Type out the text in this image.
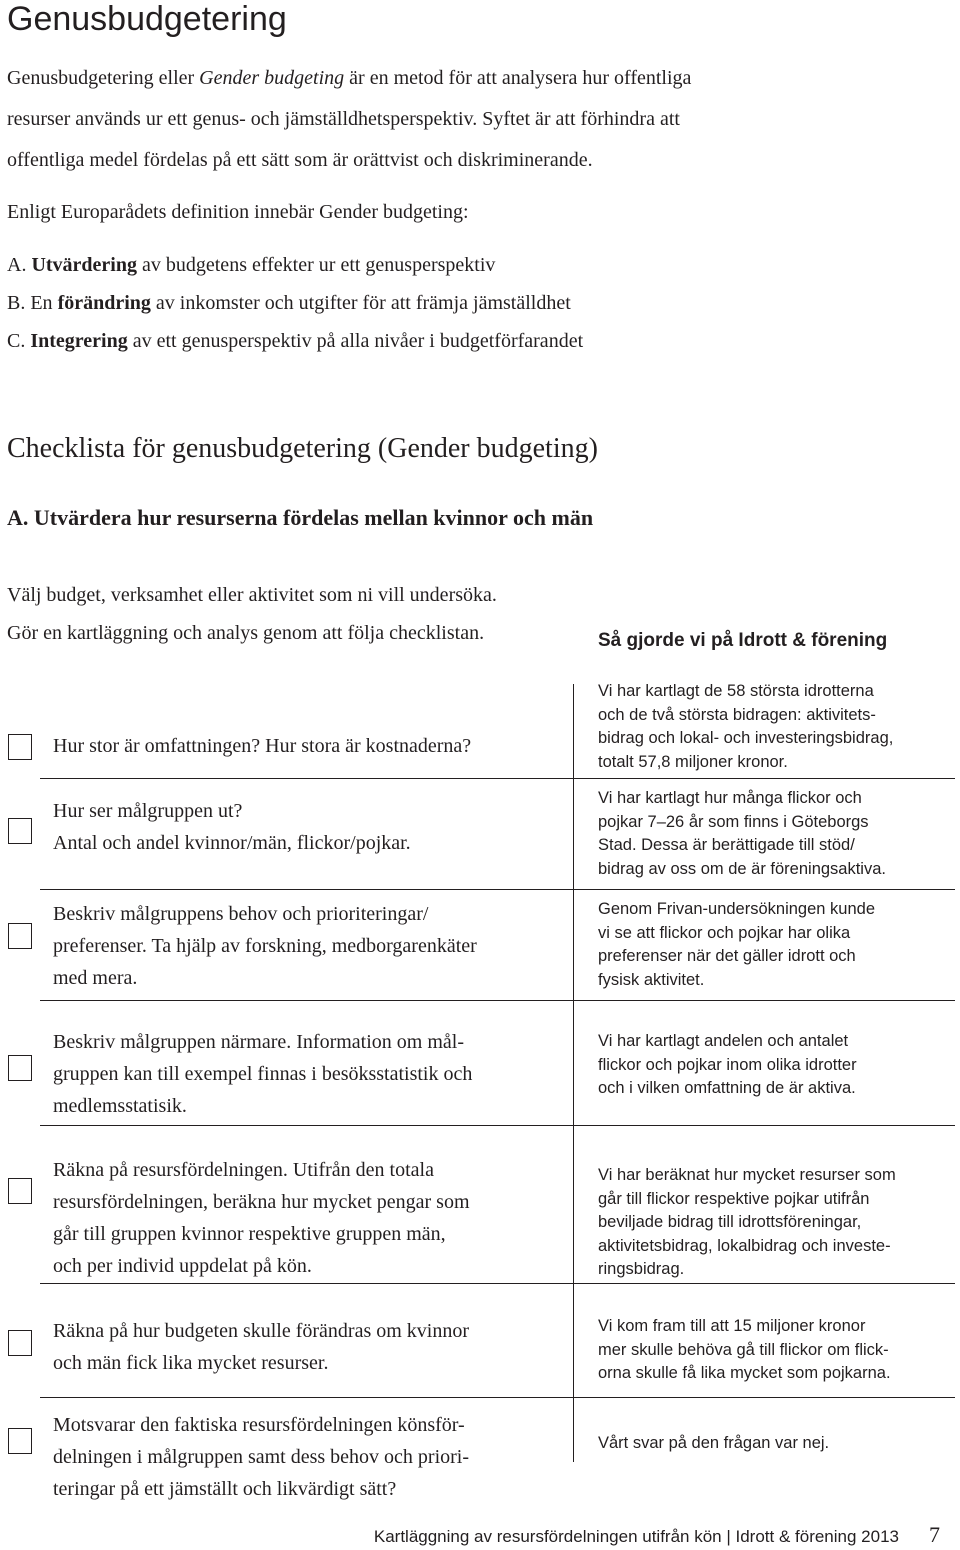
Genusbudgetering
Genusbudgetering eller Gender budgeting är en metod för att analysera hur offentliga
resurser används ur ett genus- och jämställdhetsperspektiv. Syftet är att förhindra att
offentliga medel fördelas på ett sätt som är orättvist och diskriminerande.
Enligt Europarådets definition innebär Gender budgeting:
A. Utvärdering av budgetens effekter ur ett genusperspektiv
B. En förändring av inkomster och utgifter för att främja jämställdhet
C. Integrering av ett genusperspektiv på alla nivåer i budgetförfarandet
Checklista för genusbudgetering (Gender budgeting)
A. Utvärdera hur resurserna fördelas mellan kvinnor och män
Välj budget, verksamhet eller aktivitet som ni vill undersöka.
Gör en kartläggning och analys genom att följa checklistan.	Så gjorde vi på Idrott & förening
Hur stor är omfattningen? Hur stora är kostnaderna?
Vi har kartlagt de 58 största idrotterna
och de två största bidragen: aktivitets-
bidrag och lokal- och investeringsbidrag,
totalt 57,8 miljoner kronor.
Hur ser målgruppen ut?
Antal och andel kvinnor/män, flickor/pojkar.
Vi har kartlagt hur många flickor och
pojkar 7–26 år som finns i Göteborgs
Stad. Dessa är berättigade till stöd/
bidrag av oss om de är föreningsaktiva.
Beskriv målgruppens behov och prioriteringar/
preferenser. Ta hjälp av forskning, medborgarenkäter
med mera.
Genom Frivan-undersökningen kunde
vi se att flickor och pojkar har olika
preferenser när det gäller idrott och
fysisk aktivitet.
Beskriv målgruppen närmare. Information om mål-
gruppen kan till exempel finnas i besöksstatistik och
medlemsstatisik.
Vi har kartlagt andelen och antalet
flickor och pojkar inom olika idrotter
och i vilken omfattning de är aktiva.
Räkna på resursfördelningen. Utifrån den totala
resursfördelningen, beräkna hur mycket pengar som
går till gruppen kvinnor respektive gruppen män,
och per individ uppdelat på kön.
Vi har beräknat hur mycket resurser som
går till flickor respektive pojkar utifrån
beviljade bidrag till idrottsföreningar,
aktivitetsbidrag, lokalbidrag och investe-
ringsbidrag.
Räkna på hur budgeten skulle förändras om kvinnor
och män fick lika mycket resurser.
Vi kom fram till att 15 miljoner kronor
mer skulle behöva gå till flickor om flick-
orna skulle få lika mycket som pojkarna.
Motsvarar den faktiska resursfördelningen könsför-
delningen i målgruppen samt dess behov och priori-
teringar på ett jämställt och likvärdigt sätt?
Vårt svar på den frågan var nej.
Kartläggning av resursfördelningen utifrån kön | Idrott & förening 2013 7
